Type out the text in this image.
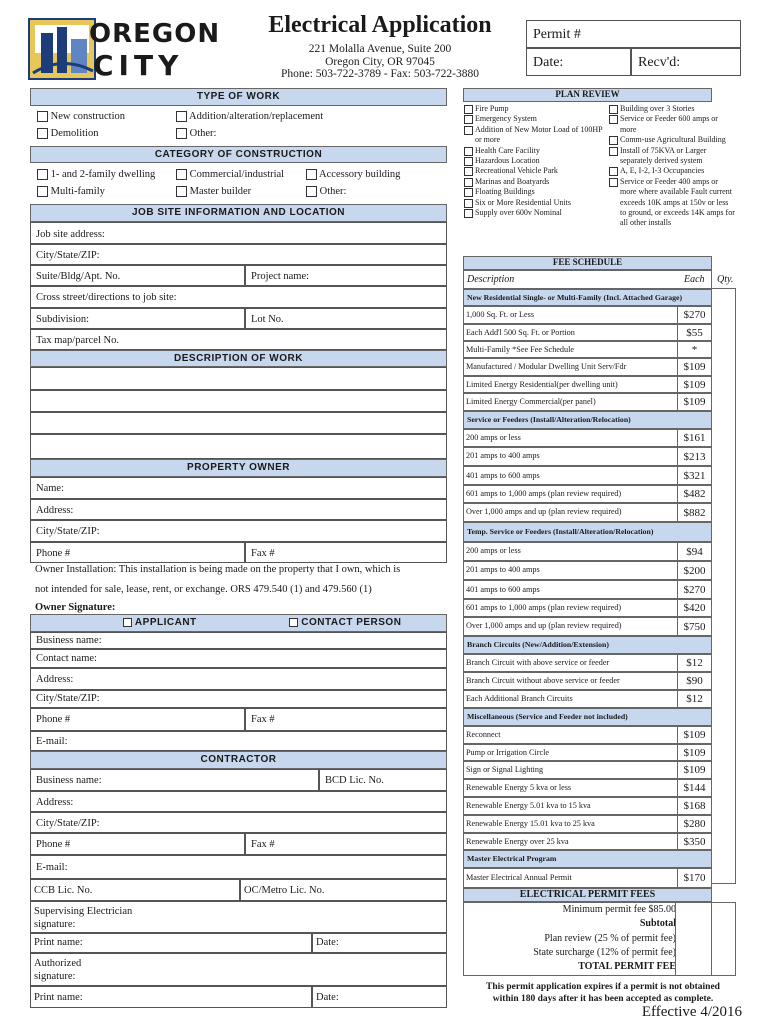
OREGON
CITY
Electrical Application
221 Molalla Avenue, Suite 200
Oregon City, OR 97045
Phone: 503-722-3789 - Fax: 503-722-3880
Permit #
Date:	Recv'd:
TYPE OF WORK
New construction	Addition/alteration/replacement
Demolition	Other:
CATEGORY OF CONSTRUCTION
1- and 2-family dwelling	Commercial/industrial	Accessory building
Multi-family	Master builder	Other:
JOB SITE INFORMATION AND LOCATION
Job site address:
City/State/ZIP:
Suite/Bldg/Apt. No.	Project name:
Cross street/directions to job site:
Subdivision:	Lot No.
Tax map/parcel No.
DESCRIPTION OF WORK
PROPERTY OWNER
Name:
Address:
City/State/ZIP:
Phone #	Fax #
Owner Installation: This installation is being made on the property that I own, which is
not intended for sale, lease, rent, or exchange. ORS 479.540 (1) and 479.560 (1)
Owner Signature:
APPLICANT	CONTACT PERSON
Business name:
Contact name:
Address:
City/State/ZIP:
Phone #	Fax #
E-mail:
CONTRACTOR
Business name:	BCD Lic. No.
Address:
City/State/ZIP:
Phone #	Fax #
E-mail:
CCB Lic. No.	OC/Metro Lic. No.
Supervising Electrician
signature:
Print name:	Date:
Authorized
signature:
Print name:	Date:
PLAN REVIEW
Fire Pump
Emergency System
Addition of New Motor Load of 100HP or more
Health Care Facility
Hazardous Location
Recreational Vehicle Park
Marinas and Boatyards
Floating Buildings
Six or More Residential Units
Supply over 600v Nominal
Building over 3 Stories
Service or Feeder 600 amps or more
Comm-use Agricultural Building
Install of 75KVA or Larger separately derived system
A, E, I-2, I-3 Occupancies
Service or Feeder 400 amps or more where available Fault current exceeds 10K amps at 150v or less to ground, or exceeds 14K amps for all other installs
FEE SCHEDULE
Description	Each Qty.
New Residential Single- or Multi-Family (Incl. Attached Garage)
1,000 Sq. Ft. or Less	$270
Each Add'l 500 Sq. Ft. or Portion	$55
Multi-Family *See Fee Schedule	*
Manufactured / Modular Dwelling Unit Serv/Fdr	$109
Limited Energy Residential(per dwelling unit)	$109
Limited Energy Commercial(per panel)	$109
Service or Feeders (Install/Alteration/Relocation)
200 amps or less	$161
201 amps to 400 amps	$213
401 amps to 600 amps	$321
601 amps to 1,000 amps (plan review required)	$482
Over 1,000 amps and up (plan review required)	$882
Temp. Service or Feeders (Install/Alteration/Relocation)
200 amps or less	$94
201 amps to 400 amps	$200
401 amps to 600 amps	$270
601 amps to 1,000 amps (plan review required)	$420
Over 1,000 amps and up (plan review required)	$750
Branch Circuits (New/Addition/Extension)
Branch Circuit with above service or feeder	$12
Branch Circuit without above service or feeder	$90
Each Additional Branch Circuits	$12
Miscellaneous (Service and Feeder not included)
Reconnect	$109
Pump or Irrigation Circle	$109
Sign or Signal Lighting	$109
Renewable Energy 5 kva or less	$144
Renewable Energy 5.01 kva to 15 kva	$168
Renewable Energy 15.01 kva to 25 kva	$280
Renewable Energy over 25 kva	$350
Master Electrical Program
Master Electrical Annual Permit	$170
ELECTRICAL PERMIT FEES
Minimum permit fee $85.00
Subtotal
Plan review (25 % of permit fee)
State surcharge (12% of permit fee)
TOTAL PERMIT FEE
This permit application expires if a permit is not obtained
within 180 days after it has been accepted as complete.
Effective 4/2016
